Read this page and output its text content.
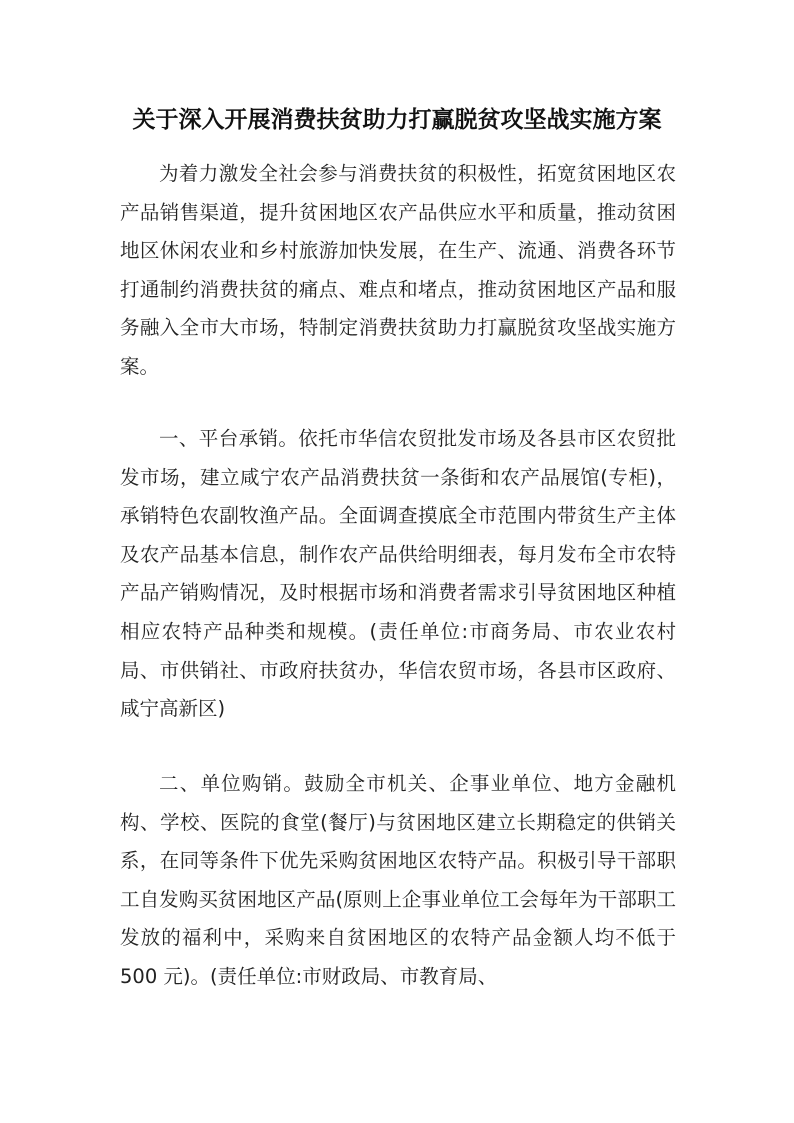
关于深入开展消费扶贫助力打赢脱贫攻坚战实施方案

为着力激发全社会参与消费扶贫的积极性，拓宽贫困地区农产品销售渠道，提升贫困地区农产品供应水平和质量，推动贫困地区休闲农业和乡村旅游加快发展，在生产、流通、消费各环节打通制约消费扶贫的痛点、难点和堵点，推动贫困地区产品和服务融入全市大市场，特制定消费扶贫助力打赢脱贫攻坚战实施方案。

一、平台承销。依托市华信农贸批发市场及各县市区农贸批发市场，建立咸宁农产品消费扶贫一条街和农产品展馆(专柜)，承销特色农副牧渔产品。全面调查摸底全市范围内带贫生产主体及农产品基本信息，制作农产品供给明细表，每月发布全市农特产品产销购情况，及时根据市场和消费者需求引导贫困地区种植相应农特产品种类和规模。(责任单位:市商务局、市农业农村局、市供销社、市政府扶贫办，华信农贸市场，各县市区政府、咸宁高新区)

二、单位购销。鼓励全市机关、企事业单位、地方金融机构、学校、医院的食堂(餐厅)与贫困地区建立长期稳定的供销关系，在同等条件下优先采购贫困地区农特产品。积极引导干部职工自发购买贫困地区产品(原则上企事业单位工会每年为干部职工发放的福利中，采购来自贫困地区的农特产品金额人均不低于 500 元)。(责任单位:市财政局、市教育局、
